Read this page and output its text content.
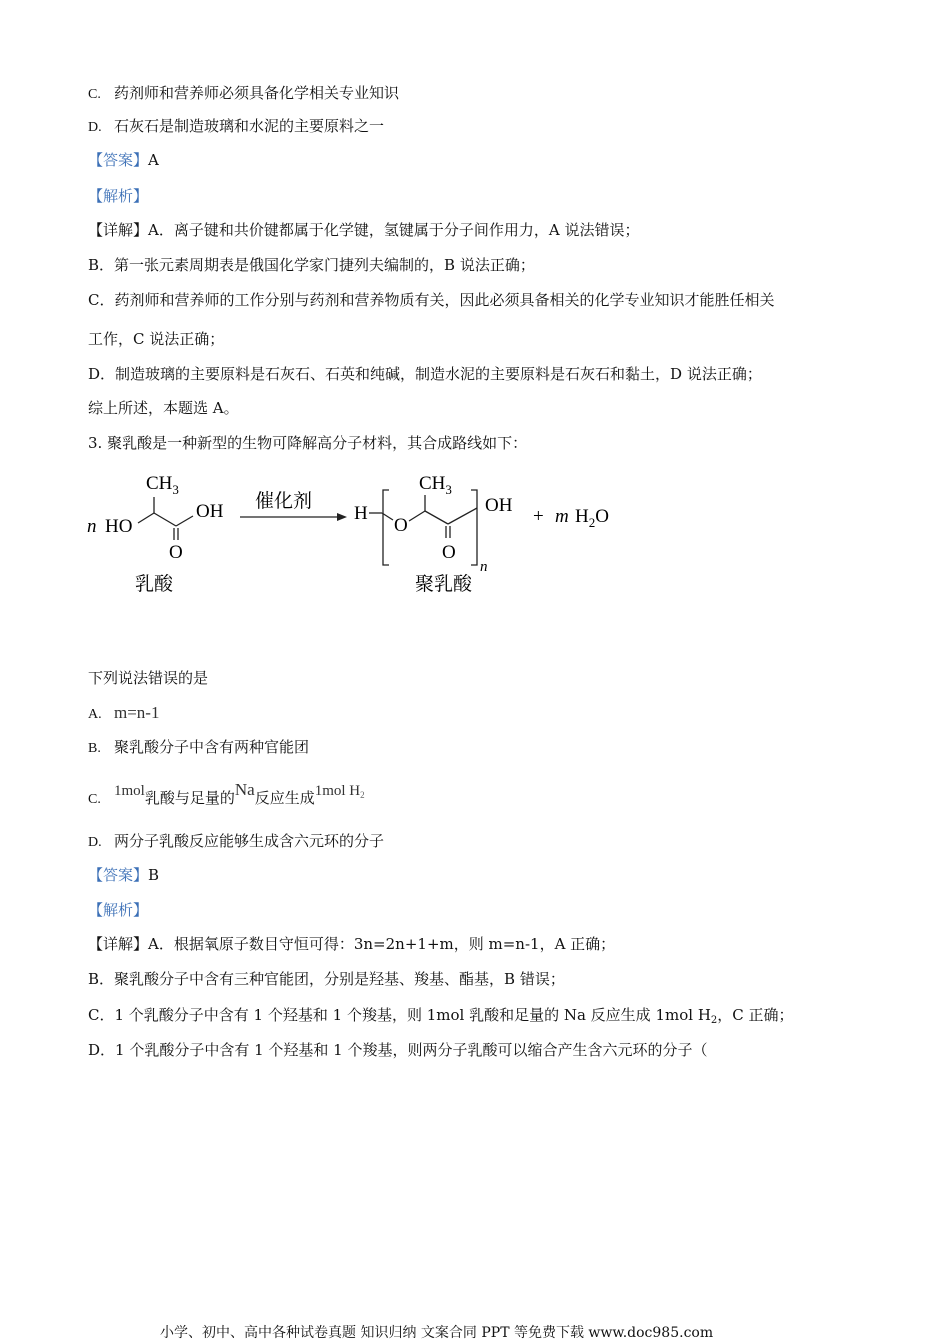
C. 药剂师和营养师必须具备化学相关专业知识
D. 石灰石是制造玻璃和水泥的主要原料之一
【答案】A
【解析】
【详解】A．离子键和共价键都属于化学键，氢键属于分子间作用力，A 说法错误；
B．第一张元素周期表是俄国化学家门捷列夫编制的，B 说法正确；
C．药剂师和营养师的工作分别与药剂和营养物质有关，因此必须具备相关的化学专业知识才能胜任相关
工作，C 说法正确；
D．制造玻璃的主要原料是石灰石、石英和纯碱，制造水泥的主要原料是石灰石和黏土，D 说法正确；
综上所述，本题选 A。
3. 聚乳酸是一种新型的生物可降解高分子材料，其合成路线如下：
n HO
$CH_3$
OH
O
乳酸
催化剂
H
O
$CH_3$
O
n
OH
聚乳酸
+ m $H_2O$
下列说法错误的是
A. m=n-1
B. 聚乳酸分子中含有两种官能团
C.1mol乳酸与足量的Na反应生成1mol $H_2$
D. 两分子乳酸反应能够生成含六元环的分子
【答案】B
【解析】
【详解】A．根据氧原子数目守恒可得：3n=2n+1+m，则 m=n-1，A 正确；
B．聚乳酸分子中含有三种官能团，分别是羟基、羧基、酯基，B 错误；
C．1 个乳酸分子中含有 1 个羟基和 1 个羧基，则 1mol 乳酸和足量的 Na 反应生成 1mol $H_2$，C 正确；
D．1 个乳酸分子中含有 1 个羟基和 1 个羧基，则两分子乳酸可以缩合产生含六元环的分子（
小学、初中、高中各种试卷真题 知识归纳 文案合同 PPT 等免费下载 www.doc985.com
